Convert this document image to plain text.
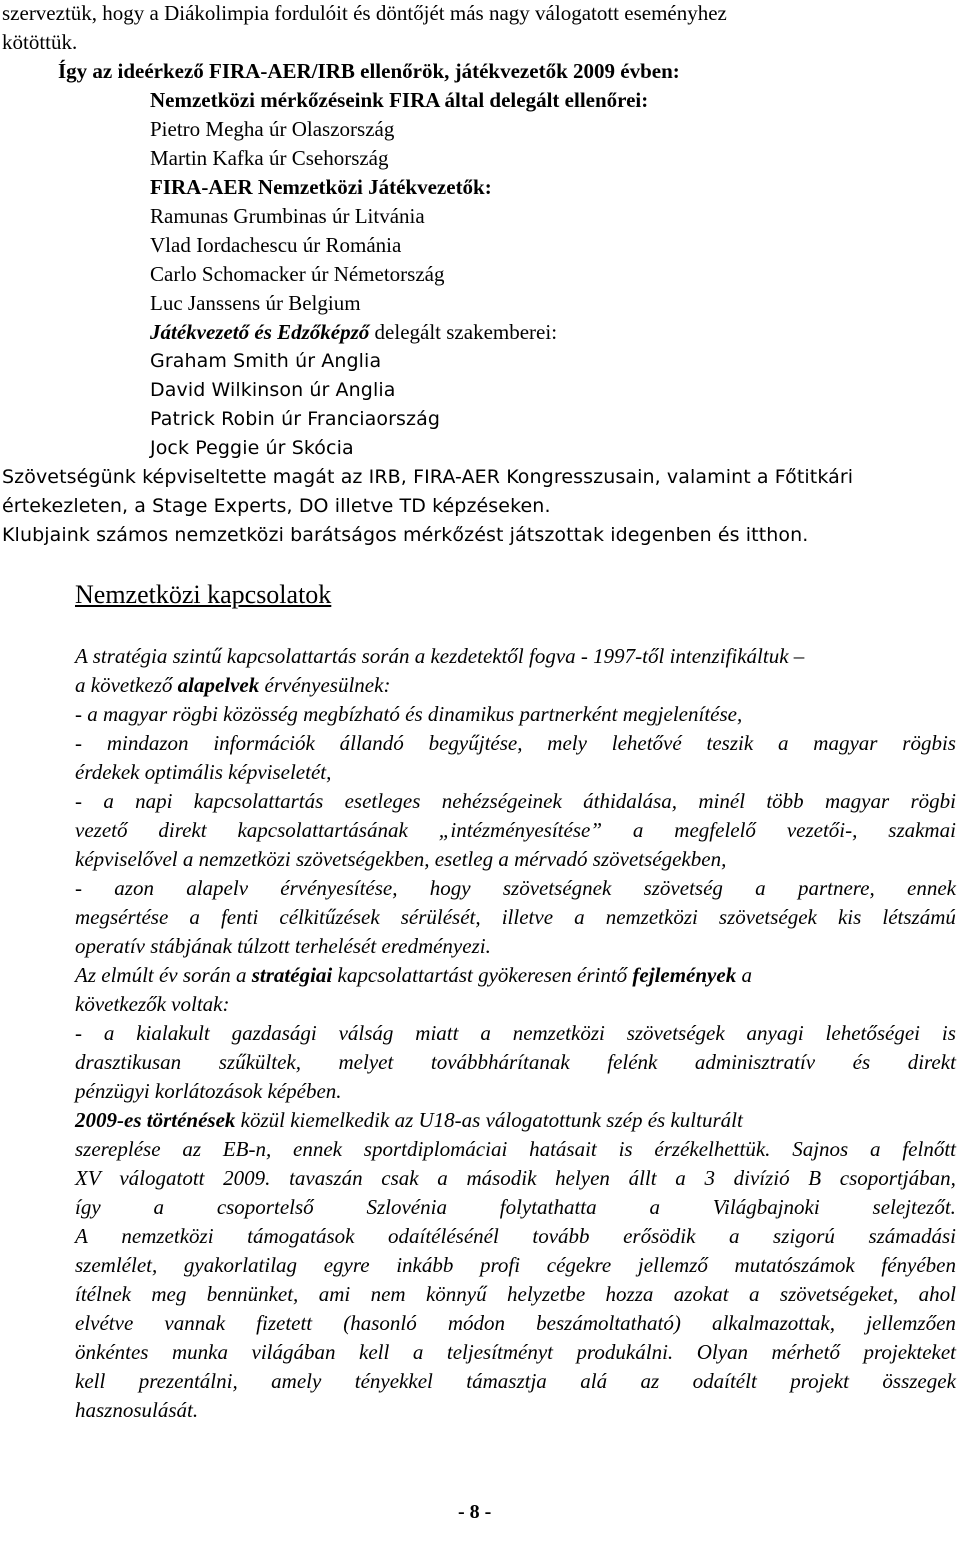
szerveztük, hogy a Diákolimpia fordulóit és döntőjét más nagy válogatott eseményhez
kötöttük.
Így az ideérkező FIRA-AER/IRB ellenőrök, játékvezetők 2009 évben:
Nemzetközi mérkőzéseink FIRA által delegált ellenőrei:
Pietro Megha úr Olaszország
Martin Kafka úr Csehország
FIRA-AER Nemzetközi Játékvezetők:
Ramunas Grumbinas úr Litvánia
Vlad Iordachescu úr Románia
Carlo Schomacker úr Németország
Luc Janssens úr Belgium
Játékvezető és Edzőképző delegált szakemberei:
Graham Smith úr Anglia
David Wilkinson úr Anglia
Patrick Robin úr Franciaország
Jock Peggie úr Skócia
Szövetségünk képviseltette magát az IRB, FIRA-AER Kongresszusain, valamint a Főtitkári
értekezleten, a Stage Experts, DO illetve TD képzéseken.
Klubjaink számos nemzetközi barátságos mérkőzést játszottak idegenben és itthon.
Nemzetközi kapcsolatok
A stratégia szintű kapcsolattartás során a kezdetektől fogva - 1997-től intenzifikáltuk –
a következő alapelvek érvényesülnek:
- a magyar rögbi közösség megbízható és dinamikus partnerként megjelenítése,
- mindazon információk állandó begyűjtése, mely lehetővé teszik a magyar rögbis
érdekek optimális képviseletét,
- a napi kapcsolattartás esetleges nehézségeinek áthidalása, minél több magyar rögbi
vezető direkt kapcsolattartásának „intézményesítése” a megfelelő vezetői-, szakmai
képviselővel a nemzetközi szövetségekben, esetleg a mérvadó szövetségekben,
- azon alapelv érvényesítése, hogy szövetségnek szövetség a partnere, ennek
megsértése a fenti célkitűzések sérülését, illetve a nemzetközi szövetségek kis létszámú
operatív stábjának túlzott terhelését eredményezi.
Az elmúlt év során a stratégiai kapcsolattartást gyökeresen érintő fejlemények a
következők voltak:
- a kialakult gazdasági válság miatt a nemzetközi szövetségek anyagi lehetőségei is
drasztikusan szűkültek, melyet továbbhárítanak felénk adminisztratív és direkt
pénzügyi korlátozások képében.
2009-es történések közül kiemelkedik az U18-as válogatottunk szép és kulturált
szereplése az EB-n, ennek sportdiplomáciai hatásait is érzékelhettük. Sajnos a felnőtt
XV válogatott 2009. tavaszán csak a második helyen állt a 3 divízió B csoportjában,
így	a	csoportelső	Szlovénia	folytathatta	a	Világbajnoki	selejtezőt.
A nemzetközi támogatások odaítélésénél tovább erősödik a szigorú számadási
szemlélet, gyakorlatilag egyre inkább profi cégekre jellemző mutatószámok fényében
ítélnek meg bennünket, ami nem könnyű helyzetbe hozza azokat a szövetségeket, ahol
elvétve vannak fizetett (hasonló módon beszámoltatható) alkalmazottak, jellemzően
önkéntes munka világában kell a teljesítményt produkálni. Olyan mérhető projekteket
kell prezentálni, amely tényekkel támasztja alá az odaítélt projekt összegek
hasznosulását.
- 8 -
